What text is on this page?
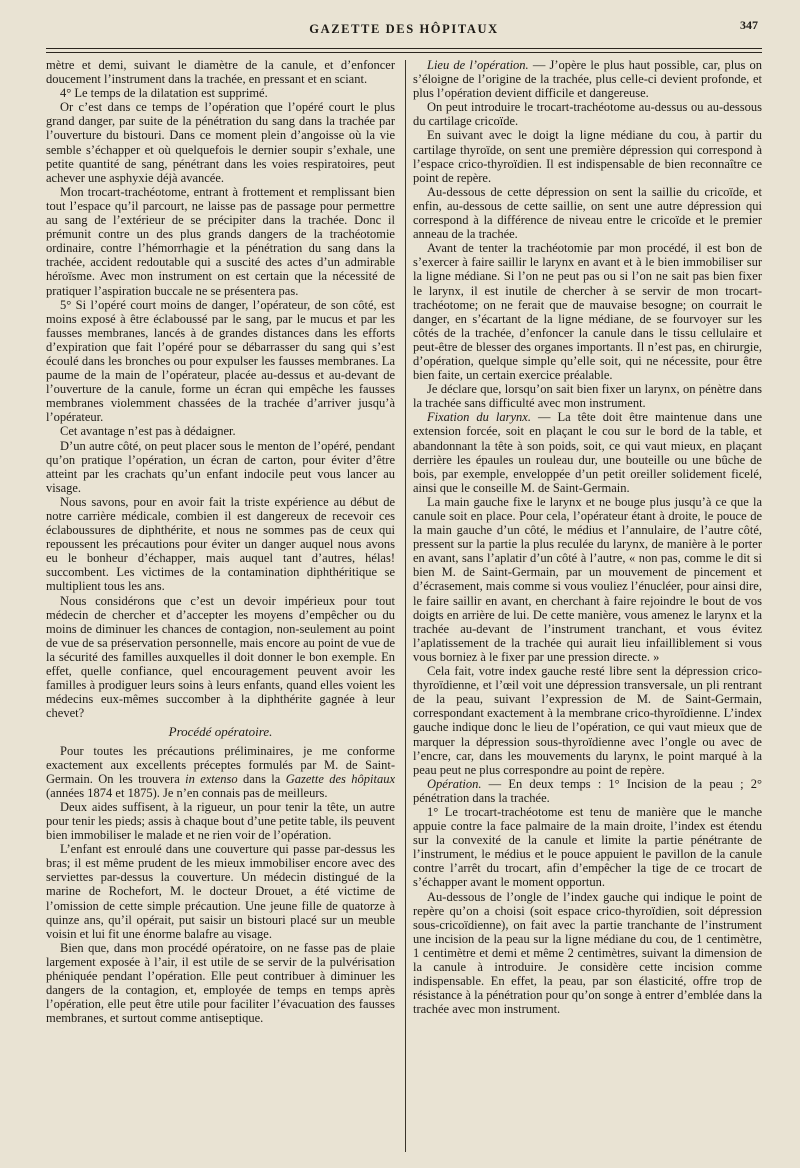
GAZETTE DES HÔPITAUX	347

mètre et demi, suivant le diamètre de la canule, et d’enfoncer doucement l’instrument dans la trachée, en pressant et en sciant.

4° Le temps de la dilatation est supprimé.

Or c’est dans ce temps de l’opération que l’opéré court le plus grand danger, par suite de la pénétration du sang dans la trachée par l’ouverture du bistouri. Dans ce moment plein d’angoisse où la vie semble s’échapper et où quelquefois le dernier soupir s’exhale, une petite quantité de sang, pénétrant dans les voies respiratoires, peut achever une asphyxie déjà avancée.

Mon trocart-trachéotome, entrant à frottement et remplissant bien tout l’espace qu’il parcourt, ne laisse pas de passage pour permettre au sang de l’extérieur de se précipiter dans la trachée. Donc il prémunit contre un des plus grands dangers de la trachéotomie ordinaire, contre l’hémorrhagie et la pénétration du sang dans la trachée, accident redoutable qui a suscité des actes d’un admirable héroïsme. Avec mon instrument on est certain que la nécessité de pratiquer l’aspiration buccale ne se présentera pas.

5° Si l’opéré court moins de danger, l’opérateur, de son côté, est moins exposé à être éclaboussé par le sang, par le mucus et par les fausses membranes, lancés à de grandes distances dans les efforts d’expiration que fait l’opéré pour se débarrasser du sang qui s’est écoulé dans les bronches ou pour expulser les fausses membranes. La paume de la main de l’opérateur, placée au-dessus et au-devant de l’ouverture de la canule, forme un écran qui empêche les fausses membranes violemment chassées de la trachée d’arriver jusqu’à l’opérateur.

Cet avantage n’est pas à dédaigner.

D’un autre côté, on peut placer sous le menton de l’opéré, pendant qu’on pratique l’opération, un écran de carton, pour éviter d’être atteint par les crachats qu’un enfant indocile peut vous lancer au visage.

Nous savons, pour en avoir fait la triste expérience au début de notre carrière médicale, combien il est dangereux de recevoir ces éclaboussures de diphthérite, et nous ne sommes pas de ceux qui repoussent les précautions pour éviter un danger auquel nous avons eu le bonheur d’échapper, mais auquel tant d’autres, hélas! succombent. Les victimes de la contamination diphthéritique se multiplient tous les ans.

Nous considérons que c’est un devoir impérieux pour tout médecin de chercher et d’accepter les moyens d’empêcher ou du moins de diminuer les chances de contagion, non-seulement au point de vue de sa préservation personnelle, mais encore au point de vue de la sécurité des familles auxquelles il doit donner le bon exemple. En effet, quelle confiance, quel encouragement peuvent avoir les familles à prodiguer leurs soins à leurs enfants, quand elles voient les médecins eux-mêmes succomber à la diphthérite gagnée à leur chevet?

Procédé opératoire.

Pour toutes les précautions préliminaires, je me conforme exactement aux excellents préceptes formulés par M. de Saint-Germain. On les trouvera in extenso dans la Gazette des hôpitaux (années 1874 et 1875). Je n’en connais pas de meilleurs.

Deux aides suffisent, à la rigueur, un pour tenir la tête, un autre pour tenir les pieds; assis à chaque bout d’une petite table, ils peuvent bien immobiliser le malade et ne rien voir de l’opération.

L’enfant est enroulé dans une couverture qui passe par-dessus les bras; il est même prudent de les mieux immobiliser encore avec des serviettes par-dessus la couverture. Un médecin distingué de la marine de Rochefort, M. le docteur Drouet, a été victime de l’omission de cette simple précaution. Une jeune fille de quatorze à quinze ans, qu’il opérait, put saisir un bistouri placé sur un meuble voisin et lui fit une énorme balafre au visage.

Bien que, dans mon procédé opératoire, on ne fasse pas de plaie largement exposée à l’air, il est utile de se servir de la pulvérisation phéniquée pendant l’opération. Elle peut contribuer à diminuer les dangers de la contagion, et, employée de temps en temps après l’opération, elle peut être utile pour faciliter l’évacuation des fausses membranes, et surtout comme antiseptique.

Lieu de l’opération. — J’opère le plus haut possible, car, plus on s’éloigne de l’origine de la trachée, plus celle-ci devient profonde, et plus l’opération devient difficile et dangereuse.

On peut introduire le trocart-trachéotome au-dessus ou au-dessous du cartilage cricoïde.

En suivant avec le doigt la ligne médiane du cou, à partir du cartilage thyroïde, on sent une première dépression qui correspond à l’espace crico-thyroïdien. Il est indispensable de bien reconnaître ce point de repère.

Au-dessous de cette dépression on sent la saillie du cricoïde, et enfin, au-dessous de cette saillie, on sent une autre dépression qui correspond à la différence de niveau entre le cricoïde et le premier anneau de la trachée.

Avant de tenter la trachéotomie par mon procédé, il est bon de s’exercer à faire saillir le larynx en avant et à le bien immobiliser sur la ligne médiane. Si l’on ne peut pas ou si l’on ne sait pas bien fixer le larynx, il est inutile de chercher à se servir de mon trocart-trachéotome; on ne ferait que de mauvaise besogne; on courrait le danger, en s’écartant de la ligne médiane, de se fourvoyer sur les côtés de la trachée, d’enfoncer la canule dans le tissu cellulaire et peut-être de blesser des organes importants. Il n’est pas, en chirurgie, d’opération, quelque simple qu’elle soit, qui ne nécessite, pour être bien faite, un certain exercice préalable.

Je déclare que, lorsqu’on sait bien fixer un larynx, on pénètre dans la trachée sans difficulté avec mon instrument.

Fixation du larynx. — La tête doit être maintenue dans une extension forcée, soit en plaçant le cou sur le bord de la table, et abandonnant la tête à son poids, soit, ce qui vaut mieux, en plaçant derrière les épaules un rouleau dur, une bouteille ou une bûche de bois, par exemple, enveloppée d’un petit oreiller solidement ficelé, ainsi que le conseille M. de Saint-Germain.

La main gauche fixe le larynx et ne bouge plus jusqu’à ce que la canule soit en place. Pour cela, l’opérateur étant à droite, le pouce de la main gauche d’un côté, le médius et l’annulaire, de l’autre côté, pressent sur la partie la plus reculée du larynx, de manière à le porter en avant, sans l’aplatir d’un côté à l’autre, « non pas, comme le dit si bien M. de Saint-Germain, par un mouvement de pincement et d’écrasement, mais comme si vous vouliez l’énucléer, pour ainsi dire, le faire saillir en avant, en cherchant à faire rejoindre le bout de vos doigts en arrière de lui. De cette manière, vous amenez le larynx et la trachée au-devant de l’instrument tranchant, et vous évitez l’aplatissement de la trachée qui aurait lieu infailliblement si vous vous borniez à le fixer par une pression directe. »

Cela fait, votre index gauche resté libre sent la dépression crico-thyroïdienne, et l’œil voit une dépression transversale, un pli rentrant de la peau, suivant l’expression de M. de Saint-Germain, correspondant exactement à la membrane crico-thyroïdienne. L’index gauche indique donc le lieu de l’opération, ce qui vaut mieux que de marquer la dépression sous-thyroïdienne avec l’ongle ou avec de l’encre, car, dans les mouvements du larynx, le point marqué à la peau peut ne plus correspondre au point de repère.

Opération. — En deux temps : 1° Incision de la peau ; 2° pénétration dans la trachée.

1° Le trocart-trachéotome est tenu de manière que le manche appuie contre la face palmaire de la main droite, l’index est étendu sur la convexité de la canule et limite la partie pénétrante de l’instrument, le médius et le pouce appuient le pavillon de la canule contre l’arrêt du trocart, afin d’empêcher la tige de ce trocart de s’échapper avant le moment opportun.

Au-dessous de l’ongle de l’index gauche qui indique le point de repère qu’on a choisi (soit espace crico-thyroïdien, soit dépression sous-cricoïdienne), on fait avec la partie tranchante de l’instrument une incision de la peau sur la ligne médiane du cou, de 1 centimètre, 1 centimètre et demi et même 2 centimètres, suivant la dimension de la canule à introduire. Je considère cette incision comme indispensable. En effet, la peau, par son élasticité, offre trop de résistance à la pénétration pour qu’on songe à entrer d’emblée dans la trachée avec mon instrument.
